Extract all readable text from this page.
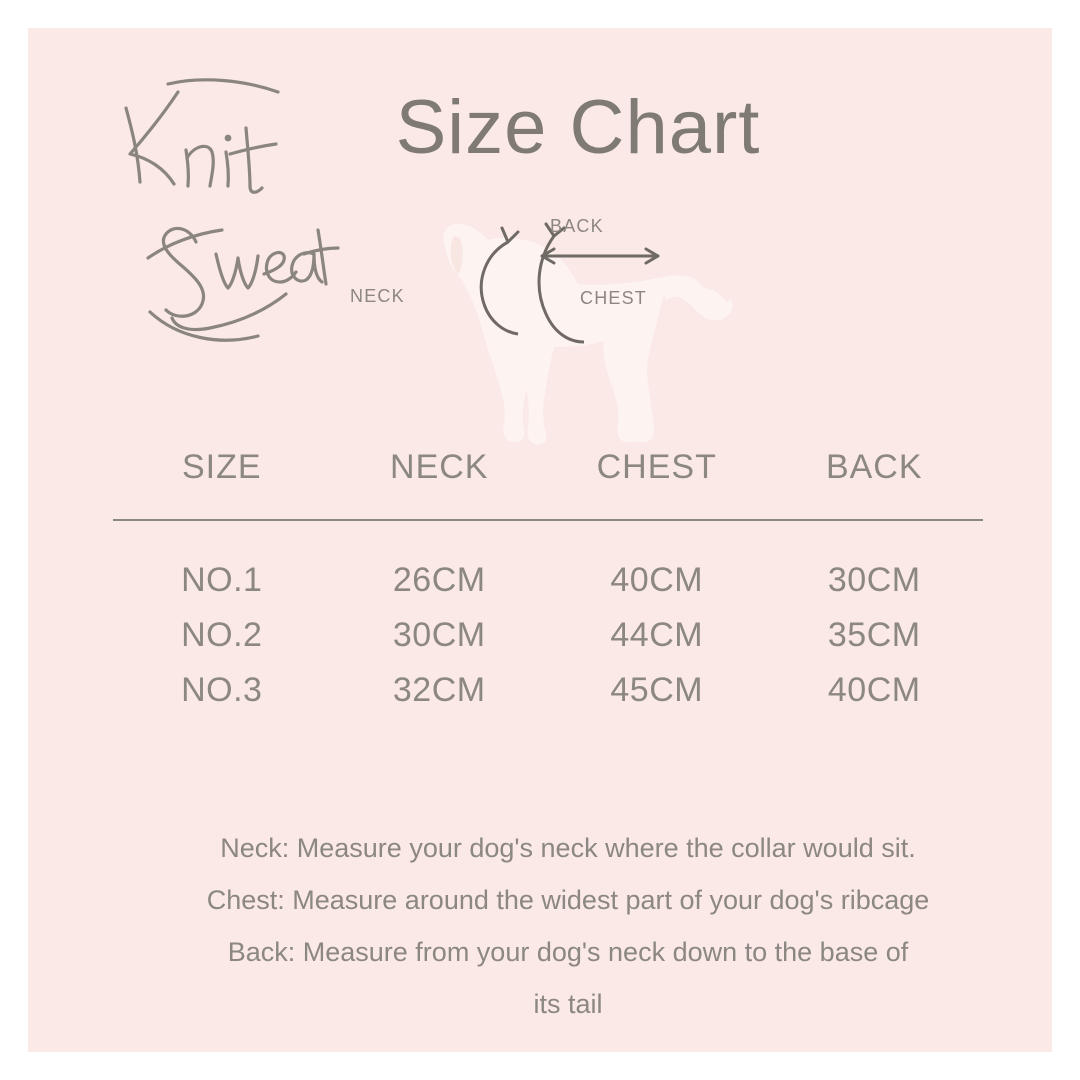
Size Chart
NECK
BACK
CHEST
SIZE	NECK	CHEST	BACK
NO.1	26CM	40CM	30CM
NO.2	30CM	44CM	35CM
NO.3	32CM	45CM	40CM
Neck: Measure your dog's neck where the collar would sit.
Chest: Measure around the widest part of your dog's ribcage
Back: Measure from your dog's neck down to the base of
its tail
